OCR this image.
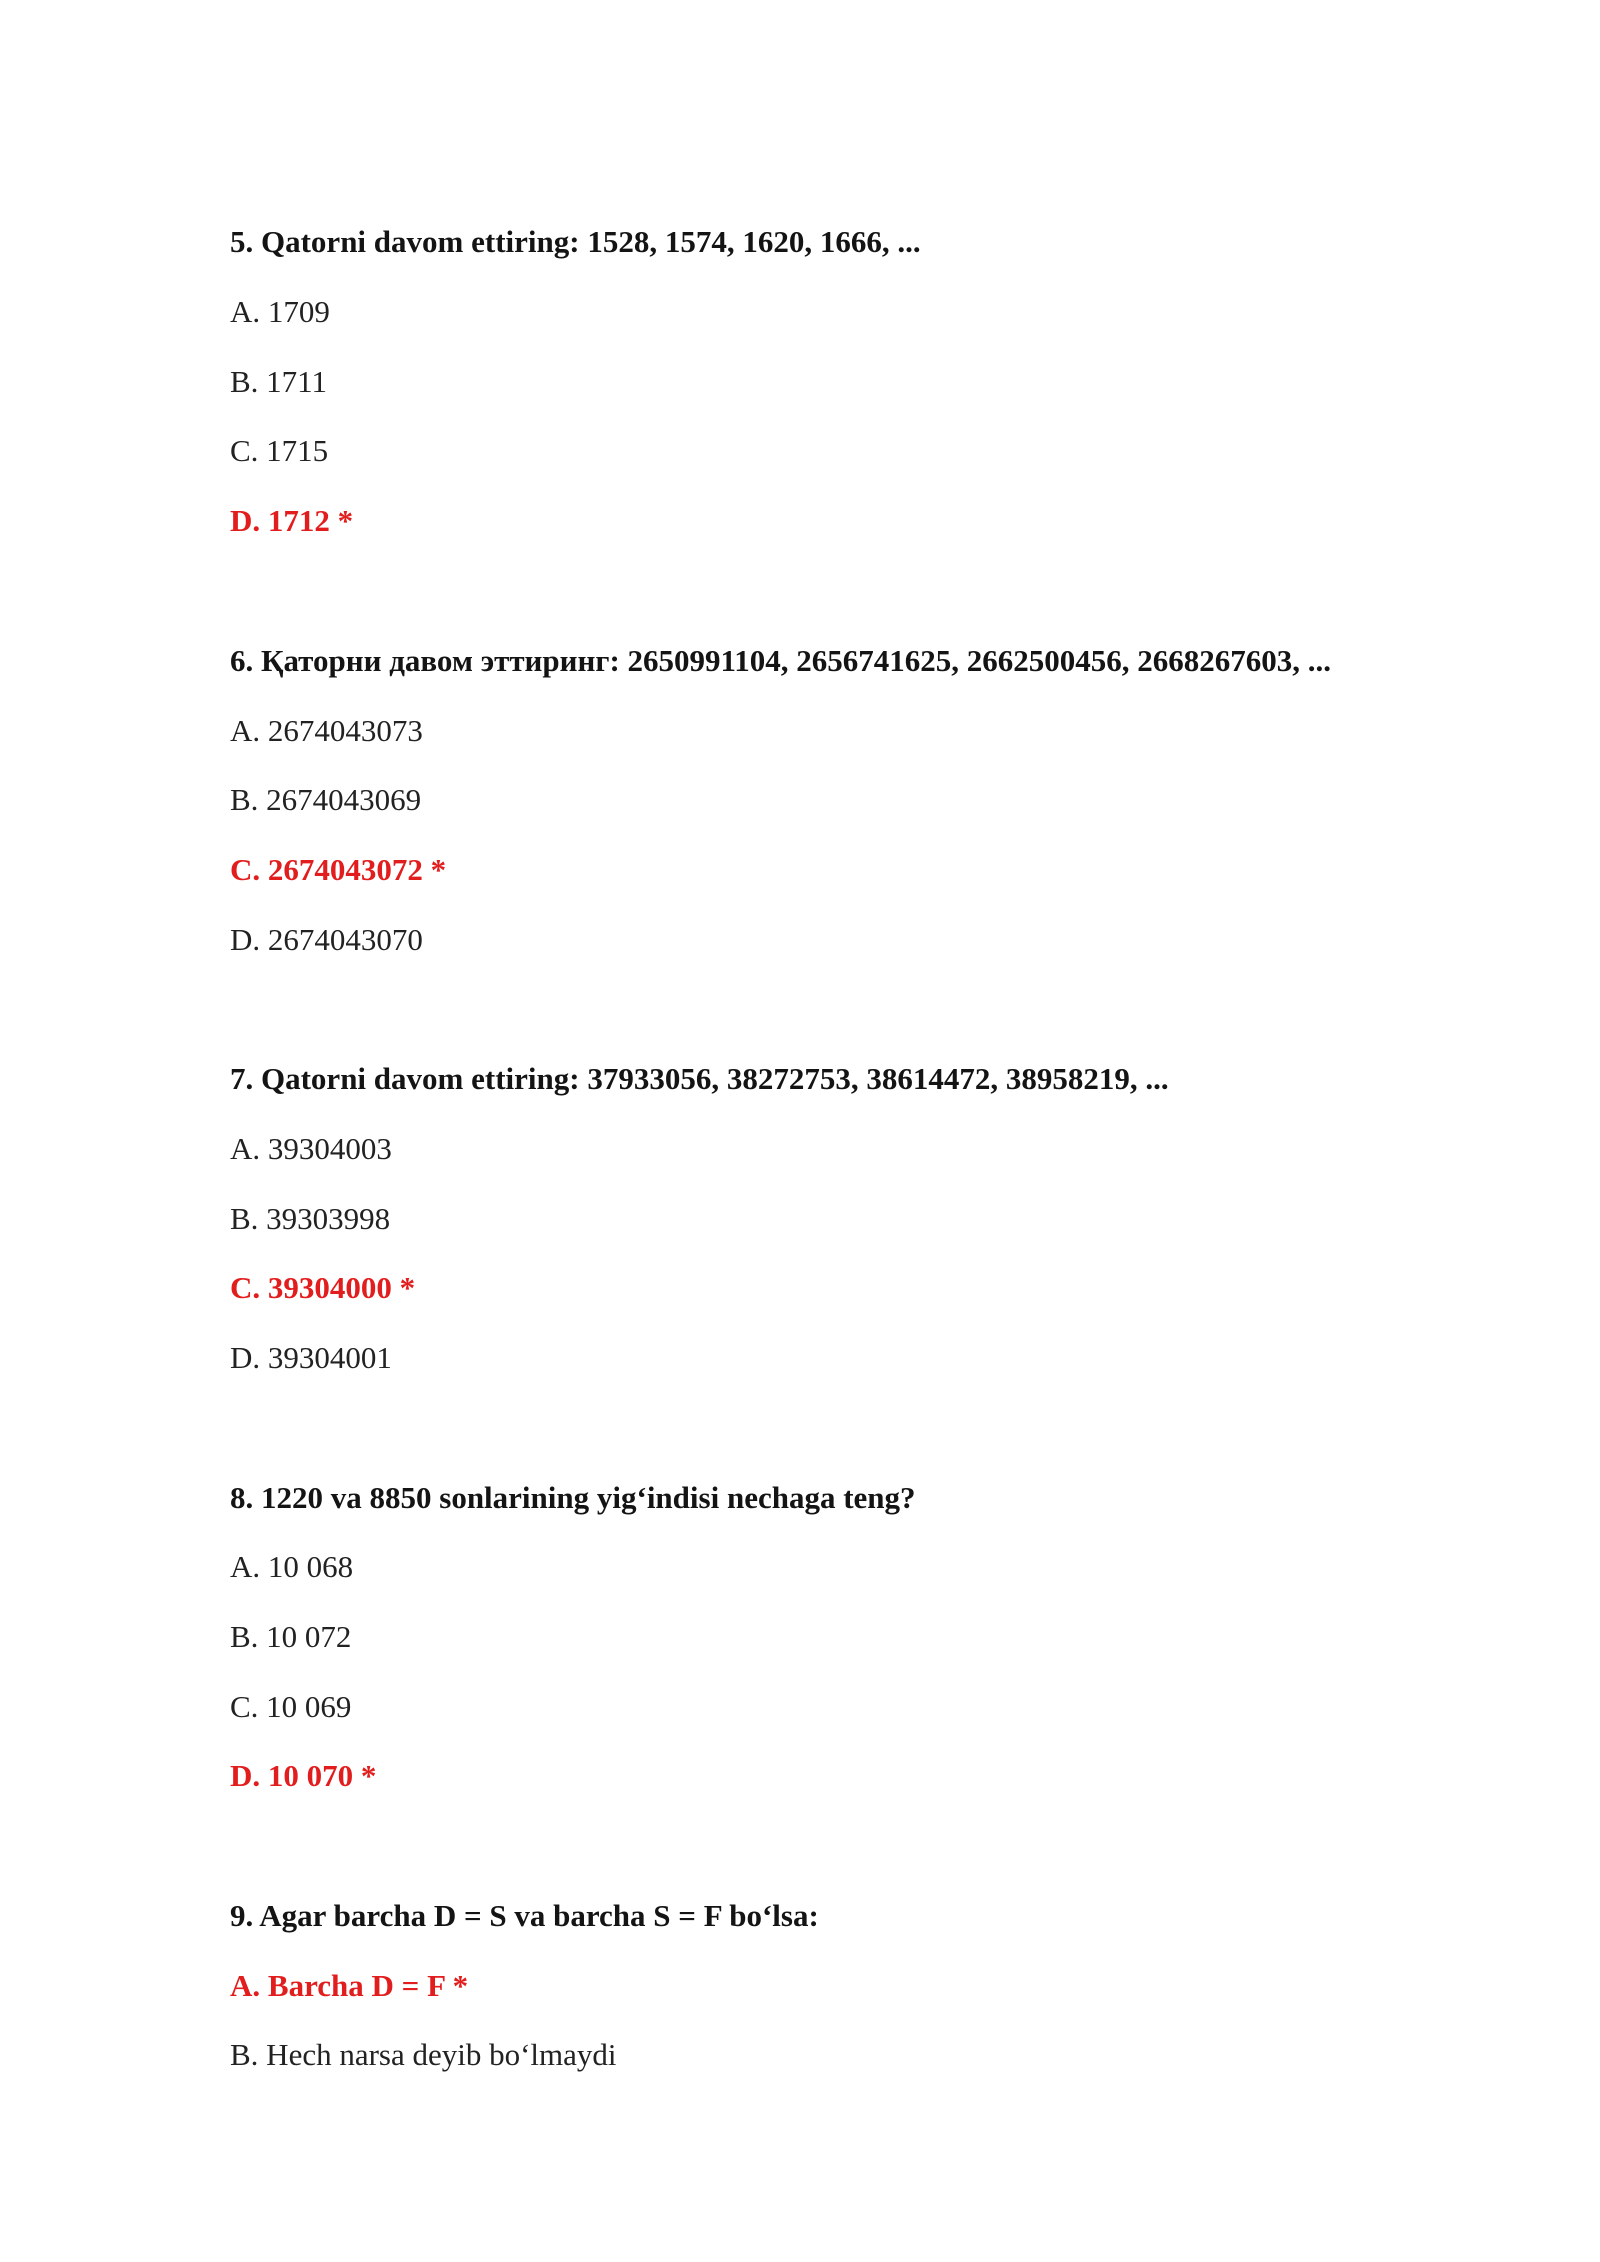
5. Qatorni davom ettiring: 1528, 1574, 1620, 1666, ...
A. 1709
B. 1711
C. 1715
D. 1712 *
6. Қаторни давом эттиринг: 2650991104, 2656741625, 2662500456, 2668267603, ...
A. 2674043073
B. 2674043069
C. 2674043072 *
D. 2674043070
7. Qatorni davom ettiring: 37933056, 38272753, 38614472, 38958219, ...
A. 39304003
B. 39303998
C. 39304000 *
D. 39304001
8. 1220 va 8850 sonlarining yig‘indisi nechaga teng?
A. 10 068
B. 10 072
C. 10 069
D. 10 070 *
9. Agar barcha D = S va barcha S = F bo‘lsa:
A. Barcha D = F *
B. Hech narsa deyib bo‘lmaydi
